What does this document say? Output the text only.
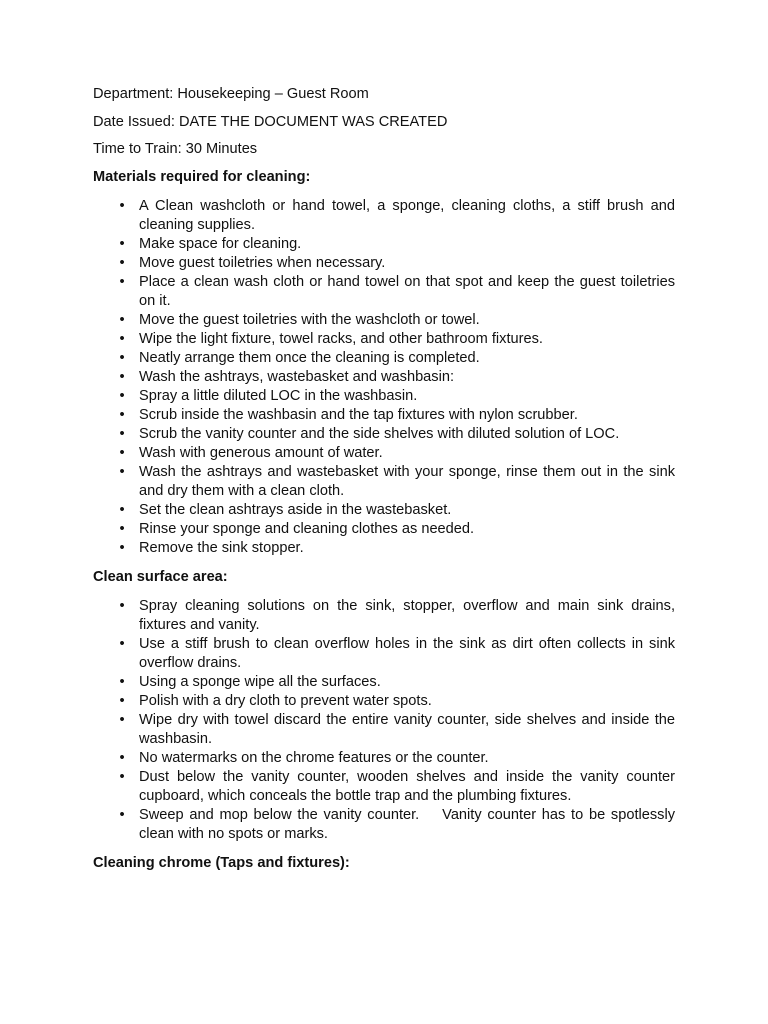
Department: Housekeeping – Guest Room

Date Issued: DATE THE DOCUMENT WAS CREATED

Time to Train: 30 Minutes

Materials required for cleaning:

• A Clean washcloth or hand towel, a sponge, cleaning cloths, a stiff brush and cleaning supplies.
• Make space for cleaning.
• Move guest toiletries when necessary.
• Place a clean wash cloth or hand towel on that spot and keep the guest toiletries on it.
• Move the guest toiletries with the washcloth or towel.
• Wipe the light fixture, towel racks, and other bathroom fixtures.
• Neatly arrange them once the cleaning is completed.
• Wash the ashtrays, wastebasket and washbasin:
• Spray a little diluted LOC in the washbasin.
• Scrub inside the washbasin and the tap fixtures with nylon scrubber.
• Scrub the vanity counter and the side shelves with diluted solution of LOC.
• Wash with generous amount of water.
• Wash the ashtrays and wastebasket with your sponge, rinse them out in the sink and dry them with a clean cloth.
• Set the clean ashtrays aside in the wastebasket.
• Rinse your sponge and cleaning clothes as needed.
• Remove the sink stopper.

Clean surface area:

• Spray cleaning solutions on the sink, stopper, overflow and main sink drains, fixtures and vanity.
• Use a stiff brush to clean overflow holes in the sink as dirt often collects in sink overflow drains.
• Using a sponge wipe all the surfaces.
• Polish with a dry cloth to prevent water spots.
• Wipe dry with towel discard the entire vanity counter, side shelves and inside the washbasin.
• No watermarks on the chrome features or the counter.
• Dust below the vanity counter, wooden shelves and inside the vanity counter cupboard, which conceals the bottle trap and the plumbing fixtures.
• Sweep and mop below the vanity counter.    Vanity counter has to be spotlessly clean with no spots or marks.

Cleaning chrome (Taps and fixtures):
